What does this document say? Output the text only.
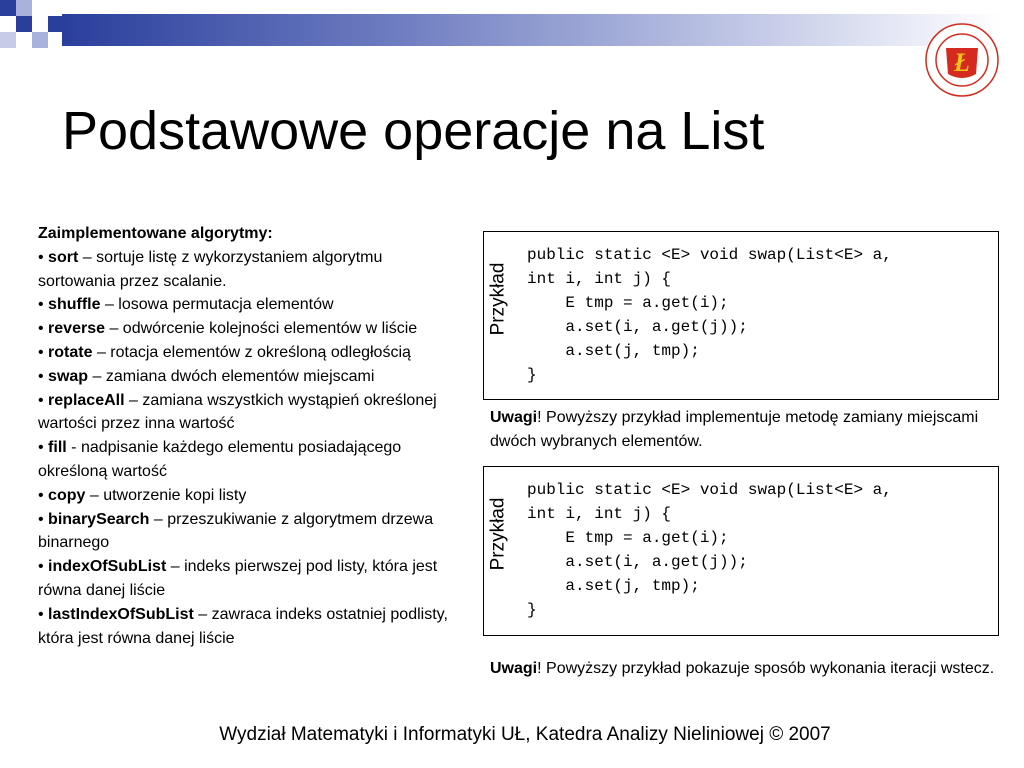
Ł
Podstawowe operacje na List
Zaimplementowane algorytmy:
• sort – sortuje listę z wykorzystaniem algorytmu sortowania przez scalanie.
• shuffle – losowa permutacja elementów
• reverse – odwórcenie kolejności elementów w liście
• rotate – rotacja elementów z określoną odległością
• swap – zamiana dwóch elementów miejscami
• replaceAll – zamiana wszystkich wystąpień określonej wartości przez inna wartość
• fill - nadpisanie każdego elementu posiadającego określoną wartość
• copy – utworzenie kopi listy
• binarySearch – przeszukiwanie z algorytmem drzewa binarnego
• indexOfSubList – indeks pierwszej pod listy, która jest równa danej liście
• lastIndexOfSubList – zawraca indeks ostatniej podlisty, która jest równa danej liście
Przykład
public static <E> void swap(List<E> a,
int i, int j) {
E tmp = a.get(i);
a.set(i, a.get(j));
a.set(j, tmp);
}
Uwagi! Powyższy przykład implementuje metodę zamiany miejscami dwóch wybranych elementów.
Przykład
public static <E> void swap(List<E> a,
int i, int j) {
E tmp = a.get(i);
a.set(i, a.get(j));
a.set(j, tmp);
}
Uwagi! Powyższy przykład pokazuje sposób wykonania iteracji wstecz.
Wydział Matematyki i Informatyki UŁ, Katedra Analizy Nieliniowej © 2007
